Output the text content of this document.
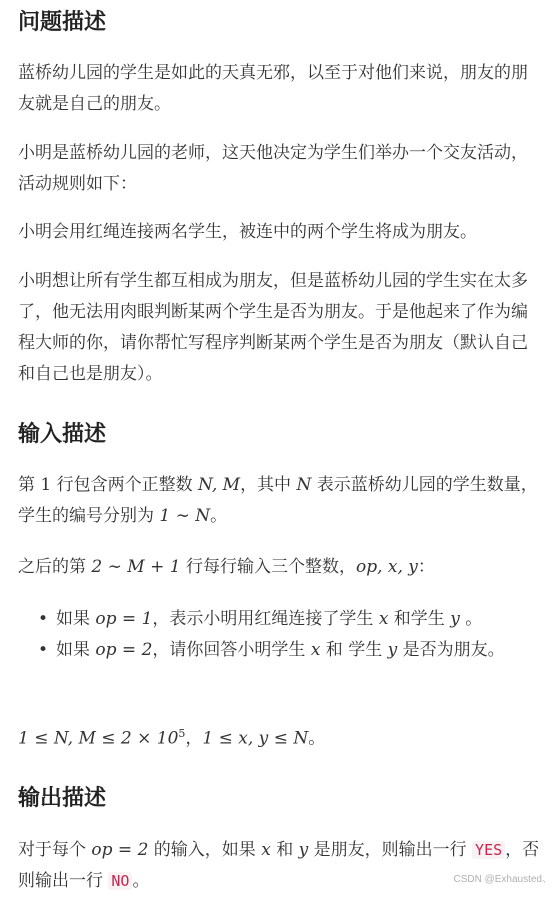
问题描述

蓝桥幼儿园的学生是如此的天真无邪，以至于对他们来说，朋友的朋友就是自己的朋友。

小明是蓝桥幼儿园的老师，这天他决定为学生们举办一个交友活动，活动规则如下：

小明会用红绳连接两名学生，被连中的两个学生将成为朋友。

小明想让所有学生都互相成为朋友，但是蓝桥幼儿园的学生实在太多了，他无法用肉眼判断某两个学生是否为朋友。于是他起来了作为编程大师的你，请你帮忙写程序判断某两个学生是否为朋友（默认自己和自己也是朋友）。

输入描述

第 1 行包含两个正整数 N, M，其中 N 表示蓝桥幼儿园的学生数量，学生的编号分别为 1 ∼ N。

之后的第 2 ∼ M + 1 行每行输入三个整数，op, x, y：

• 如果 op = 1，表示小明用红绳连接了学生 x 和学生 y 。
• 如果 op = 2，请你回答小明学生 x 和 学生 y 是否为朋友。

1 ≤ N, $M \le 2 \times 10^5$，1 ≤ x, y ≤ N。

输出描述

对于每个 op = 2 的输入，如果 x 和 y 是朋友，则输出一行 YES ，否则输出一行 NO 。	CSDN @Exhausted、
